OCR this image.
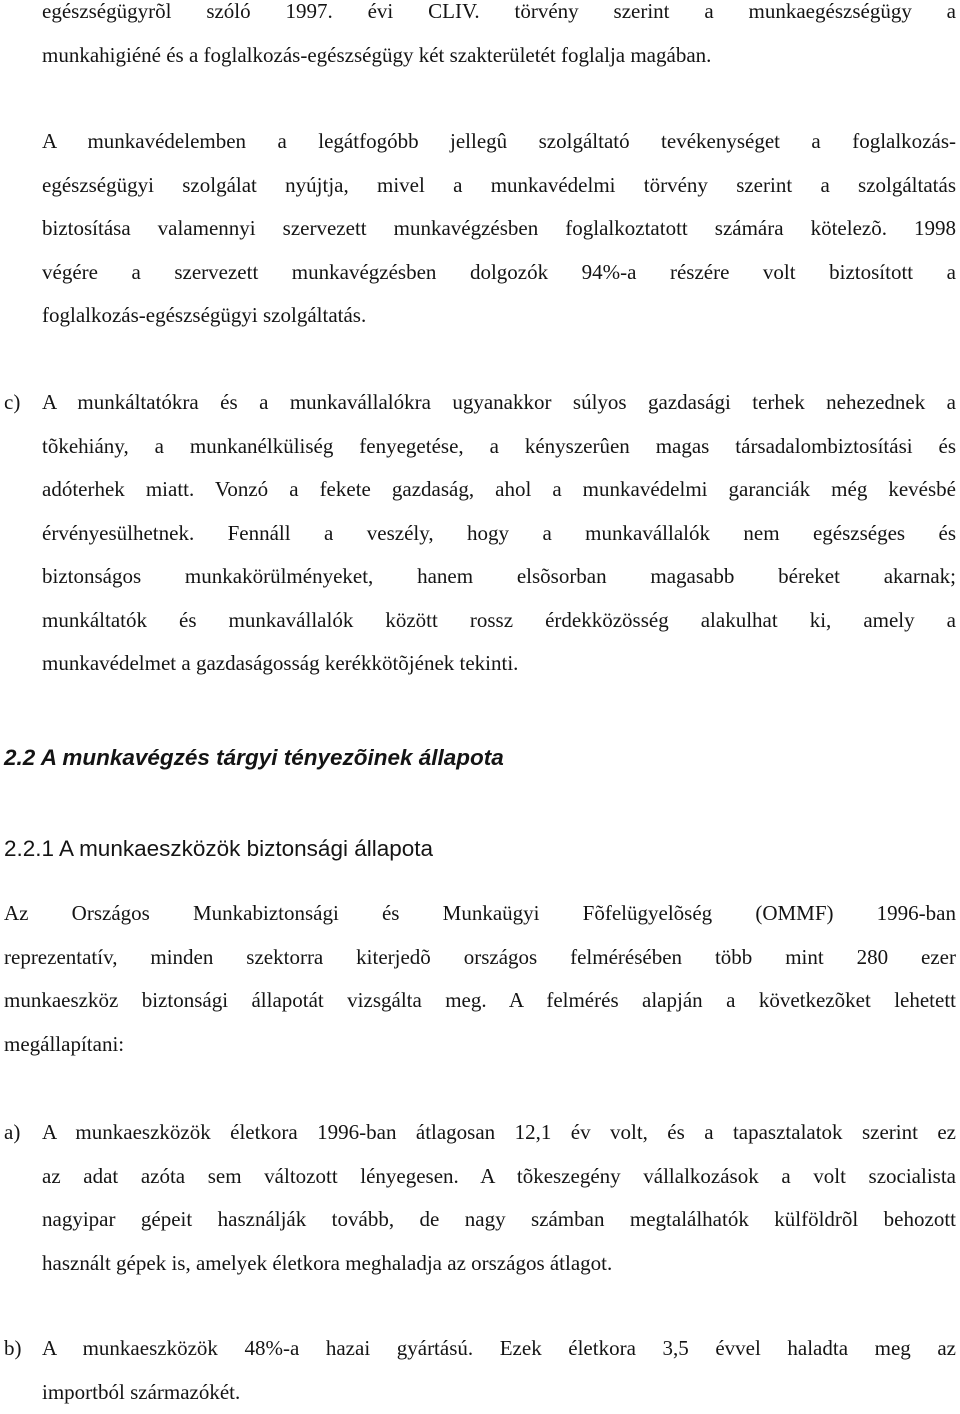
egészségügyrõl szóló 1997. évi CLIV. törvény szerint a munkaegészségügy a
munkahigiéné és a foglalkozás-egészségügy két szakterületét foglalja magában.
A munkavédelemben a legátfogóbb jellegû szolgáltató tevékenységet a foglalkozás-
egészségügyi szolgálat nyújtja, mivel a munkavédelmi törvény szerint a szolgáltatás
biztosítása valamennyi szervezett munkavégzésben foglalkoztatott számára kötelezõ. 1998
végére a szervezett munkavégzésben dolgozók 94%-a részére volt biztosított a
foglalkozás-egészségügyi szolgáltatás.
c) A munkáltatókra és a munkavállalókra ugyanakkor súlyos gazdasági terhek nehezednek a
tõkehiány, a munkanélküliség fenyegetése, a kényszerûen magas társadalombiztosítási és
adóterhek miatt. Vonzó a fekete gazdaság, ahol a munkavédelmi garanciák még kevésbé
érvényesülhetnek. Fennáll a veszély, hogy a munkavállalók nem egészséges és
biztonságos munkakörülményeket, hanem elsõsorban magasabb béreket akarnak;
munkáltatók és munkavállalók között rossz érdekközösség alakulhat ki, amely a
munkavédelmet a gazdaságosság kerékkötõjének tekinti.
2.2 A munkavégzés tárgyi tényezõinek állapota
2.2.1 A munkaeszközök biztonsági állapota
Az Országos Munkabiztonsági és Munkaügyi Fõfelügyelõség (OMMF) 1996-ban
reprezentatív, minden szektorra kiterjedõ országos felmérésében több mint 280 ezer
munkaeszköz biztonsági állapotát vizsgálta meg. A felmérés alapján a következõket lehetett
megállapítani:
a) A munkaeszközök életkora 1996-ban átlagosan 12,1 év volt, és a tapasztalatok szerint ez
az adat azóta sem változott lényegesen. A tõkeszegény vállalkozások a volt szocialista
nagyipar gépeit használják tovább, de nagy számban megtalálhatók külföldrõl behozott
használt gépek is, amelyek életkora meghaladja az országos átlagot.
b) A munkaeszközök 48%-a hazai gyártású. Ezek életkora 3,5 évvel haladta meg az
importból származókét.
